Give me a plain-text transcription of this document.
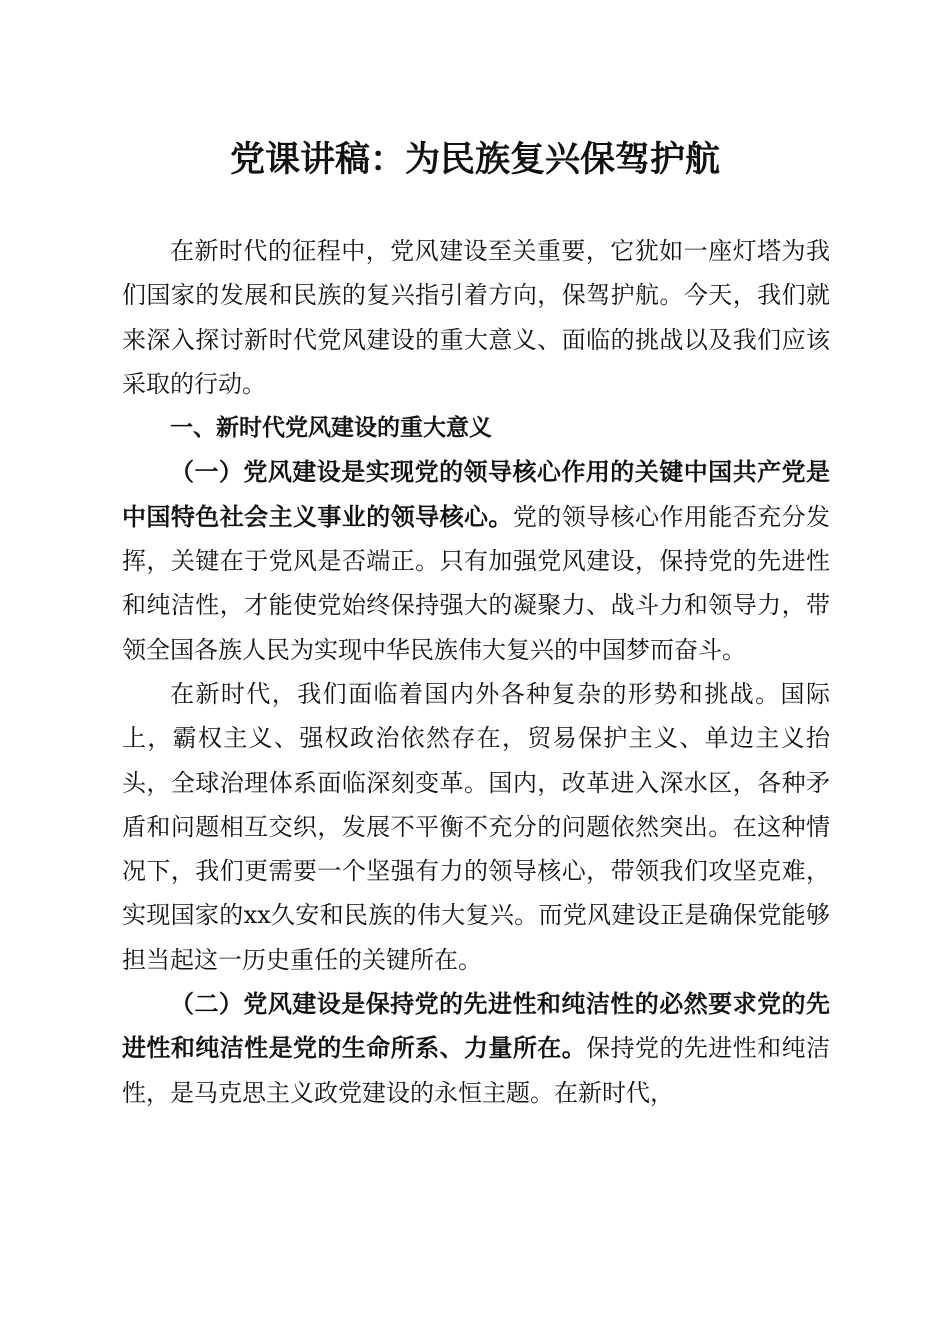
党课讲稿：为民族复兴保驾护航

在新时代的征程中，党风建设至关重要，它犹如一座灯塔为我们国家的发展和民族的复兴指引着方向，保驾护航。今天，我们就来深入探讨新时代党风建设的重大意义、面临的挑战以及我们应该采取的行动。

一、新时代党风建设的重大意义

（一）党风建设是实现党的领导核心作用的关键中国共产党是中国特色社会主义事业的领导核心。党的领导核心作用能否充分发挥，关键在于党风是否端正。只有加强党风建设，保持党的先进性和纯洁性，才能使党始终保持强大的凝聚力、战斗力和领导力，带领全国各族人民为实现中华民族伟大复兴的中国梦而奋斗。

在新时代，我们面临着国内外各种复杂的形势和挑战。国际上，霸权主义、强权政治依然存在，贸易保护主义、单边主义抬头，全球治理体系面临深刻变革。国内，改革进入深水区，各种矛盾和问题相互交织，发展不平衡不充分的问题依然突出。在这种情况下，我们更需要一个坚强有力的领导核心，带领我们攻坚克难，实现国家的xx久安和民族的伟大复兴。而党风建设正是确保党能够担当起这一历史重任的关键所在。

（二）党风建设是保持党的先进性和纯洁性的必然要求党的先进性和纯洁性是党的生命所系、力量所在。保持党的先进性和纯洁性，是马克思主义政党建设的永恒主题。在新时代，
